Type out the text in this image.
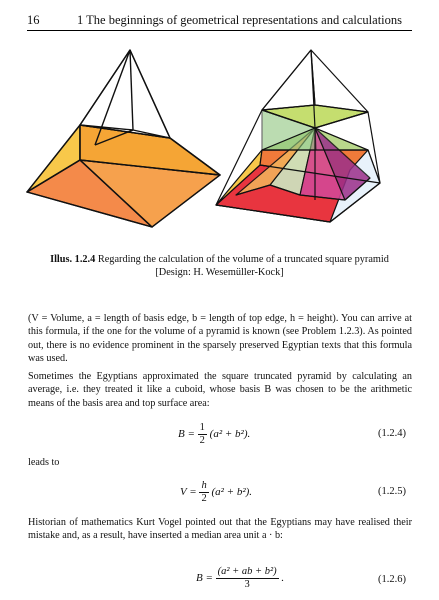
16	1 The beginnings of geometrical representations and calculations
Illus. 1.2.4 Regarding the calculation of the volume of a truncated square pyramid
[Design: H. Wesemüller-Kock]
(V = Volume, a = length of basis edge, b = length of top edge, h = height). You can arrive at this formula, if the one for the volume of a pyramid is known (see Problem 1.2.3). As pointed out, there is no evidence prominent in the sparsely preserved Egyptian texts that this formula was used.
Sometimes the Egyptians approximated the square truncated pyramid by calculating an average, i.e. they treated it like a cuboid, whose basis B was chosen to be the arithmetic means of the basis area and top surface area:
$B = \frac{1}{2} (a^2 + b^2)$.	(1.2.4)
leads to
$V = \frac{h}{2} (a^2 + b^2)$.	(1.2.5)
Historian of mathematics Kurt Vogel pointed out that the Egyptians may have realised their mistake and, as a result, have inserted a median area unit a · b:
$B = \frac{\text{(a² + ab + b²)}}{3}$ .	(1.2.6)
